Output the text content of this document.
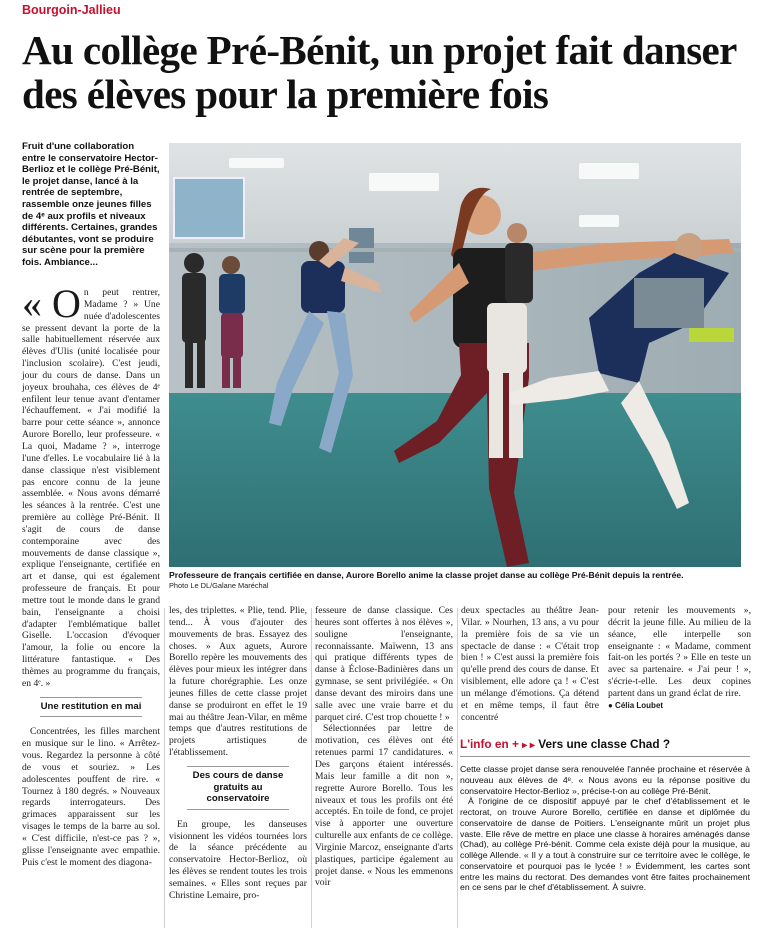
Bourgoin-Jallieu
Au collège Pré-Bénit, un projet fait danser des élèves pour la première fois
Fruit d'une collaboration entre le conservatoire Hector-Berlioz et le collège Pré-Bénit, le projet danse, lancé à la rentrée de septembre, rassemble onze jeunes filles de 4ᵉ aux profils et niveaux différents. Certaines, grandes débutantes, vont se produire sur scène pour la première fois. Ambiance...
Professeure de français certifiée en danse, Aurore Borello anime la classe projet danse au collège Pré-Bénit depuis la rentrée.
Photo Le DL/Galane Maréchal

« O n peut rentrer, Madame ? » Une nuée d'adolescentes se pressent devant la porte de la salle habituellement réservée aux élèves d'Ulis (unité localisée pour l'inclusion scolaire). C'est jeudi, jour du cours de danse. Dans un joyeux brouhaha, ces élèves de 4ᵉ enfilent leur tenue avant d'entamer l'échauffement. « J'ai modifié la barre pour cette séance », annonce Aurore Borello, leur professeure. « La quoi, Madame ? », interroge l'une d'elles. Le vocabulaire lié à la danse classique n'est visiblement pas encore connu de la jeune assemblée. « Nous avons démarré les séances à la rentrée. C'est une première au collège Pré-Bénit. Il s'agit de cours de danse contemporaine avec des mouvements de danse classique », explique l'enseignante, certifiée en art et danse, qui est également professeure de français. Et pour mettre tout le monde dans le grand bain, l'enseignante a choisi d'adapter l'emblématique ballet Giselle. L'occasion d'évoquer l'amour, la folie ou encore la littérature fantastique. « Des thèmes au programme du français, en 4ᵉ. »

Une restitution en mai

Concentrées, les filles marchent en musique sur le lino. « Arrêtez-vous. Regardez la personne à côté de vous et souriez. » Les adolescentes pouffent de rire. « Tournez à 180 degrés. » Nouveaux regards interrogateurs. Des grimaces apparaissent sur les visages le temps de la barre au sol. « C'est difficile, n'est-ce pas ? », glisse l'enseignante avec empathie. Puis c'est le moment des diagona-

les, des triplettes. « Plie, tend. Plie, tend... À vous d'ajouter des mouvements de bras. Essayez des choses. » Aux aguets, Aurore Borello repère les mouvements des élèves pour mieux les intégrer dans la future chorégraphie. Les onze jeunes filles de cette classe projet danse se produiront en effet le 19 mai au théâtre Jean-Vilar, en même temps que d'autres restitutions de projets artistiques de l'établissement.

Des cours de danse gratuits au conservatoire

En groupe, les danseuses visionnent les vidéos tournées lors de la séance précédente au conservatoire Hector-Berlioz, où les élèves se rendent toutes les trois semaines. « Elles sont reçues par Christine Lemaire, pro-

fesseure de danse classique. Ces heures sont offertes à nos élèves », souligne l'enseignante, reconnaissante. Maïwenn, 13 ans qui pratique différents types de danse à Éclose-Badinières dans un gymnase, se sent privilégiée. « On danse devant des miroirs dans une salle avec une vraie barre et du parquet ciré. C'est trop chouette ! »

Sélectionnées par lettre de motivation, ces élèves ont été retenues parmi 17 candidatures. « Des garçons étaient intéressés. Mais leur famille a dit non », regrette Aurore Borello. Tous les niveaux et tous les profils ont été acceptés. En toile de fond, ce projet vise à apporter une ouverture culturelle aux enfants de ce collège. Virginie Marcoz, enseignante d'arts plastiques, participe également au projet danse. « Nous les emmenons voir

deux spectacles au théâtre Jean-Vilar. » Nourhen, 13 ans, a vu pour la première fois de sa vie un spectacle de danse : « C'était trop bien ! » C'est aussi la première fois qu'elle prend des cours de danse. Et visiblement, elle adore ça ! « C'est un mélange d'émotions. Ça détend et en même temps, il faut être concentré

pour retenir les mouvements », décrit la jeune fille. Au milieu de la séance, elle interpelle son enseignante : « Madame, comment fait-on les portés ? » Elle en teste un avec sa partenaire. « J'ai peur ! », s'écrie-t-elle. Les deux copines partent dans un grand éclat de rire.

● Célia Loubet
L'info en + ▸ ▸ Vers une classe Chad ?

Cette classe projet danse sera renouvelée l'année prochaine et réservée à nouveau aux élèves de 4ᵉ. « Nous avons eu la réponse positive du conservatoire Hector-Berlioz », précise-t-on au collège Pré-Bénit.

À l'origine de ce dispositif appuyé par le chef d'établissement et le rectorat, on trouve Aurore Borello, certifiée en danse et diplômée du conservatoire de danse de Poitiers. L'enseignante mûrit un projet plus vaste. Elle rêve de mettre en place une classe à horaires aménagés danse (Chad), au collège Pré-bénit. Comme cela existe déjà pour la musique, au collège Allende. « Il y a tout à construire sur ce territoire avec le collège, le conservatoire et pourquoi pas le lycée ! » Évidemment, les cartes sont entre les mains du rectorat. Des demandes vont être faites prochainement en ce sens par le chef d'établissement. À suivre.
